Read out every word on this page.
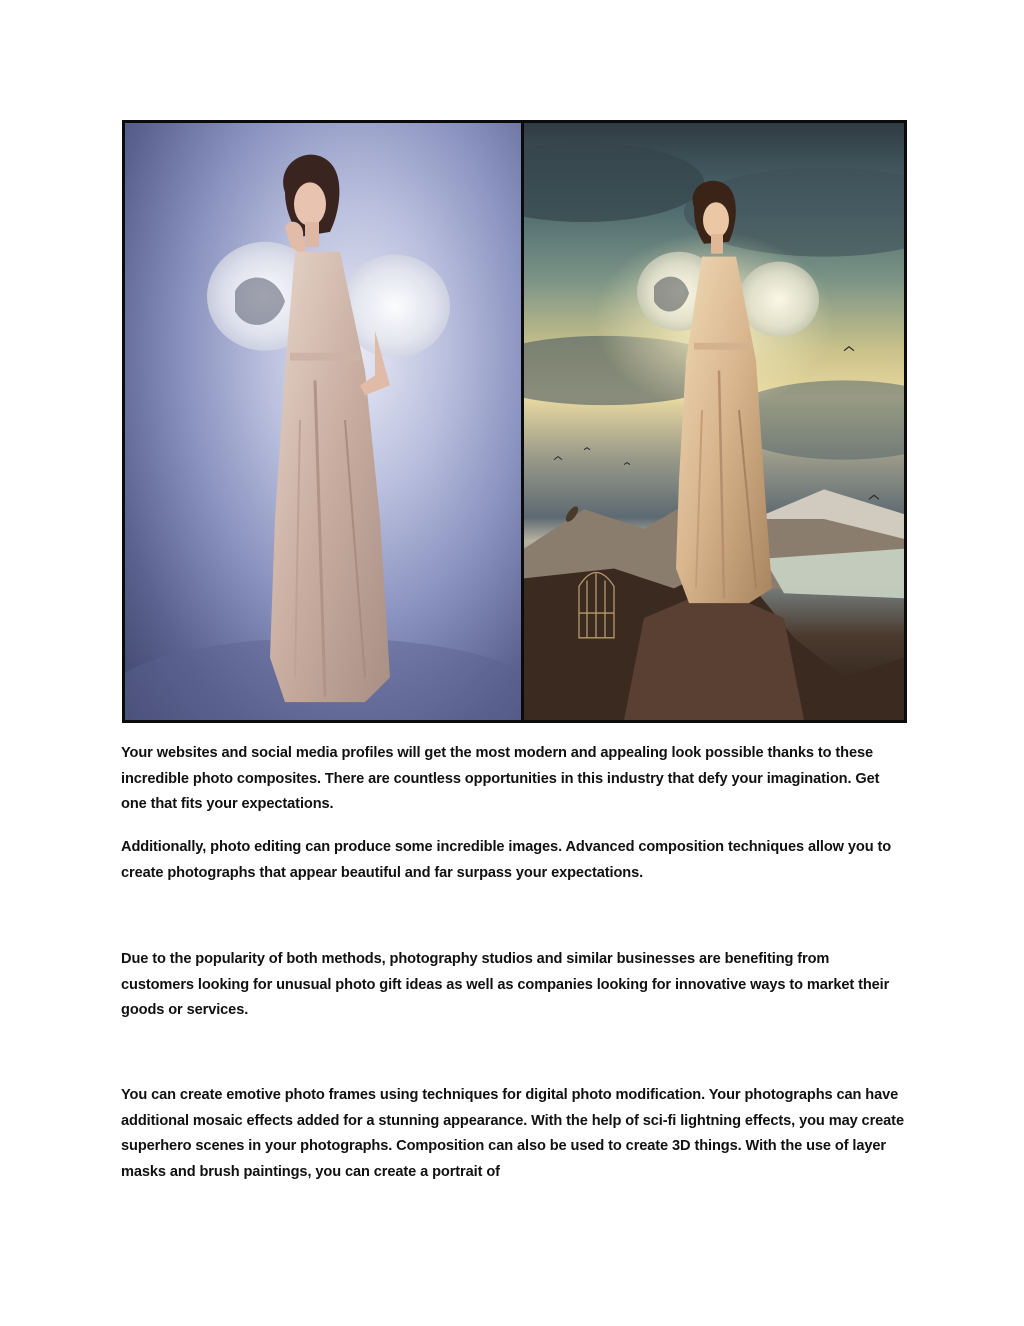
Your websites and social media profiles will get the most modern and appealing look possible thanks to these incredible photo composites. There are countless opportunities in this industry that defy your imagination. Get one that fits your expectations.

Additionally, photo editing can produce some incredible images. Advanced composition techniques allow you to create photographs that appear beautiful and far surpass your expectations.

Due to the popularity of both methods, photography studios and similar businesses are benefiting from customers looking for unusual photo gift ideas as well as companies looking for innovative ways to market their goods or services.

You can create emotive photo frames using techniques for digital photo modification. Your photographs can have additional mosaic effects added for a stunning appearance. With the help of sci-fi lightning effects, you may create superhero scenes in your photographs. Composition can also be used to create 3D things. With the use of layer masks and brush paintings, you can create a portrait of
